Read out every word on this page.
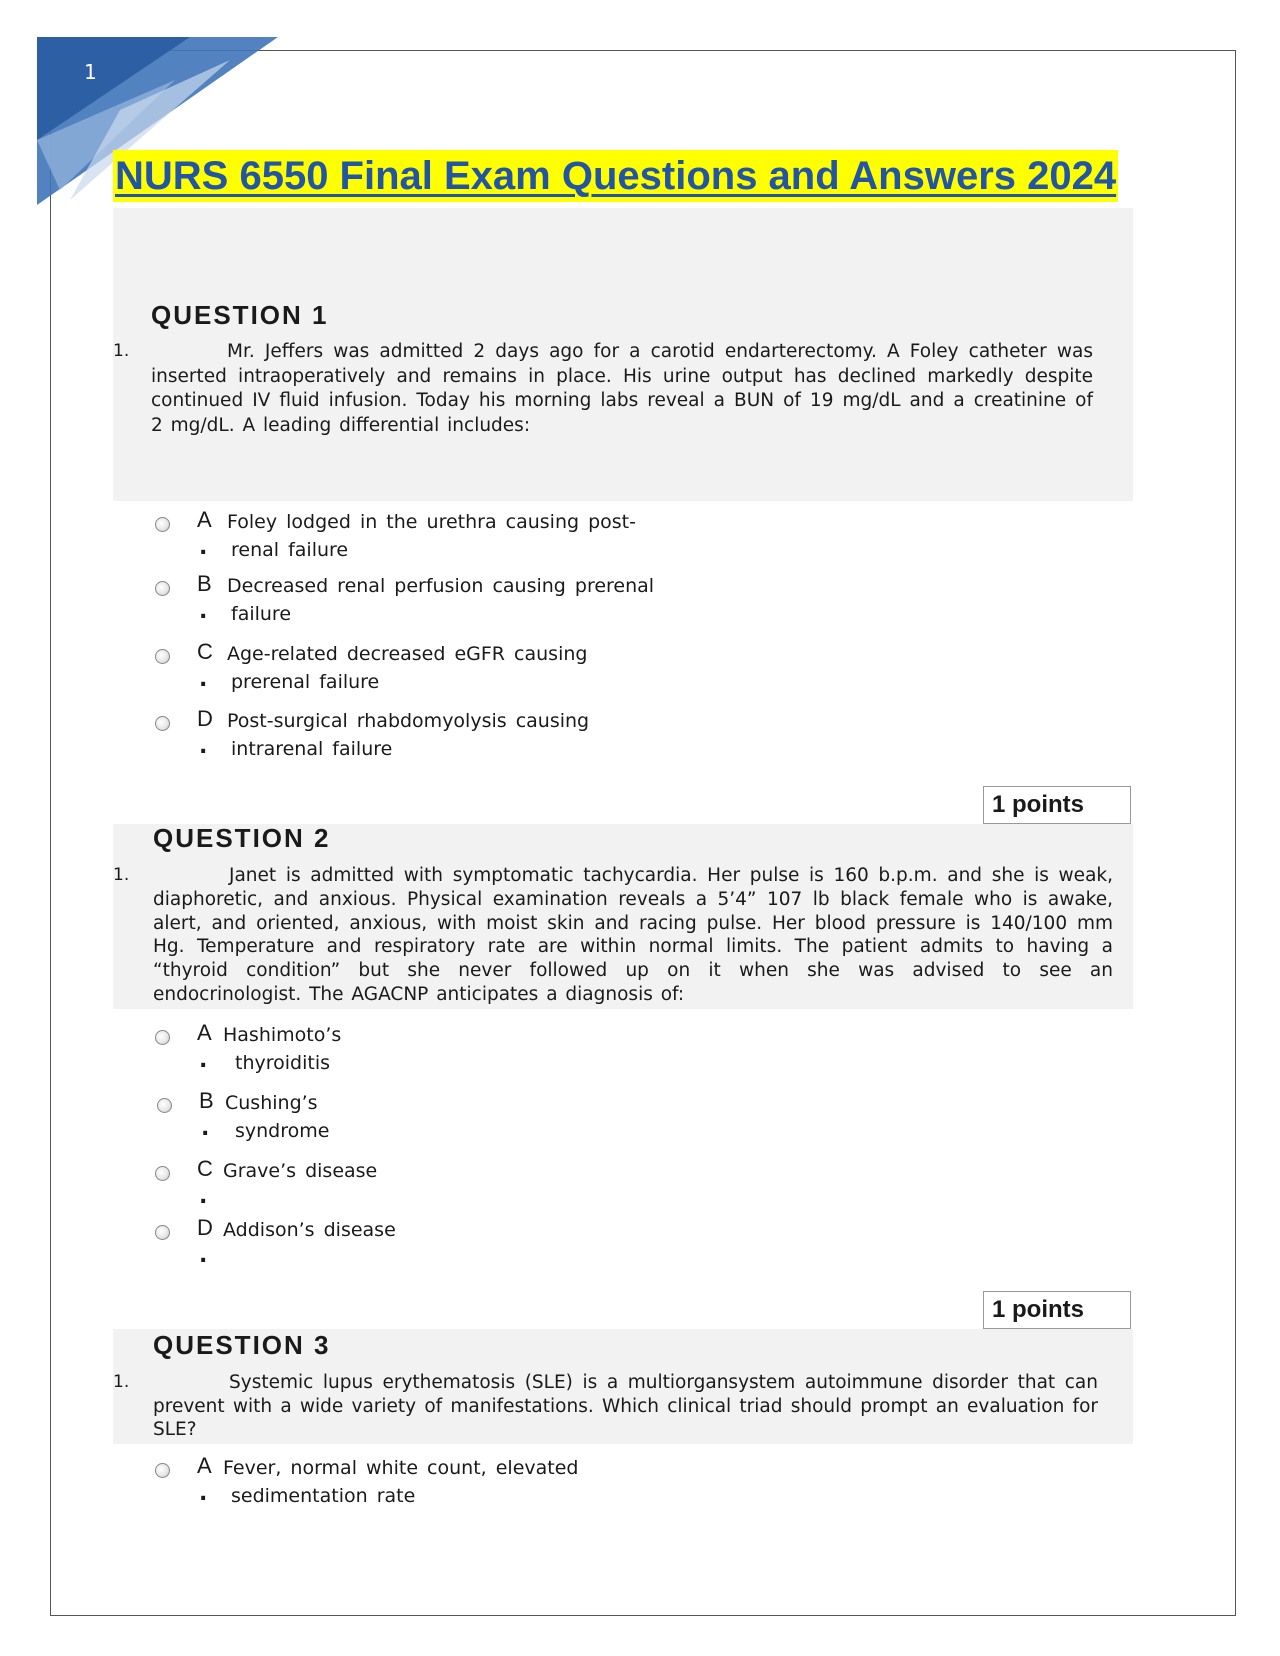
1
NURS 6550 Final Exam Questions and Answers 2024
QUESTION 1
1.	Mr. Jeffers was admitted 2 days ago for a carotid endarterectomy. A Foley catheter was inserted intraoperatively and remains in place. His urine output has declined markedly despite continued IV fluid infusion. Today his morning labs reveal a BUN of 19 mg/dL and a creatinine of 2 mg/dL. A leading differential includes:
A
.
Foley lodged in the urethra causing post-
renal failure
B
.
Decreased renal perfusion causing prerenal
failure
C
.
Age-related decreased eGFR causing
prerenal failure
D
.
Post-surgical rhabdomyolysis causing
intrarenal failure
1 points
QUESTION 2
1.	Janet is admitted with symptomatic tachycardia. Her pulse is 160 b.p.m. and she is weak, diaphoretic, and anxious. Physical examination reveals a 5’4” 107 lb black female who is awake, alert, and oriented, anxious, with moist skin and racing pulse. Her blood pressure is 140/100 mm Hg. Temperature and respiratory rate are within normal limits. The patient admits to having a “thyroid condition” but she never followed up on it when she was advised to see an endocrinologist. The AGACNP anticipates a diagnosis of:
A
.
Hashimoto’s
thyroiditis
B
.
Cushing’s
syndrome
C
.
Grave’s disease
D
.
Addison’s disease
1 points
QUESTION 3
1.	Systemic lupus erythematosis (SLE) is a multiorgansystem autoimmune disorder that can prevent with a wide variety of manifestations. Which clinical triad should prompt an evaluation for SLE?
A
.
Fever, normal white count, elevated
sedimentation rate
